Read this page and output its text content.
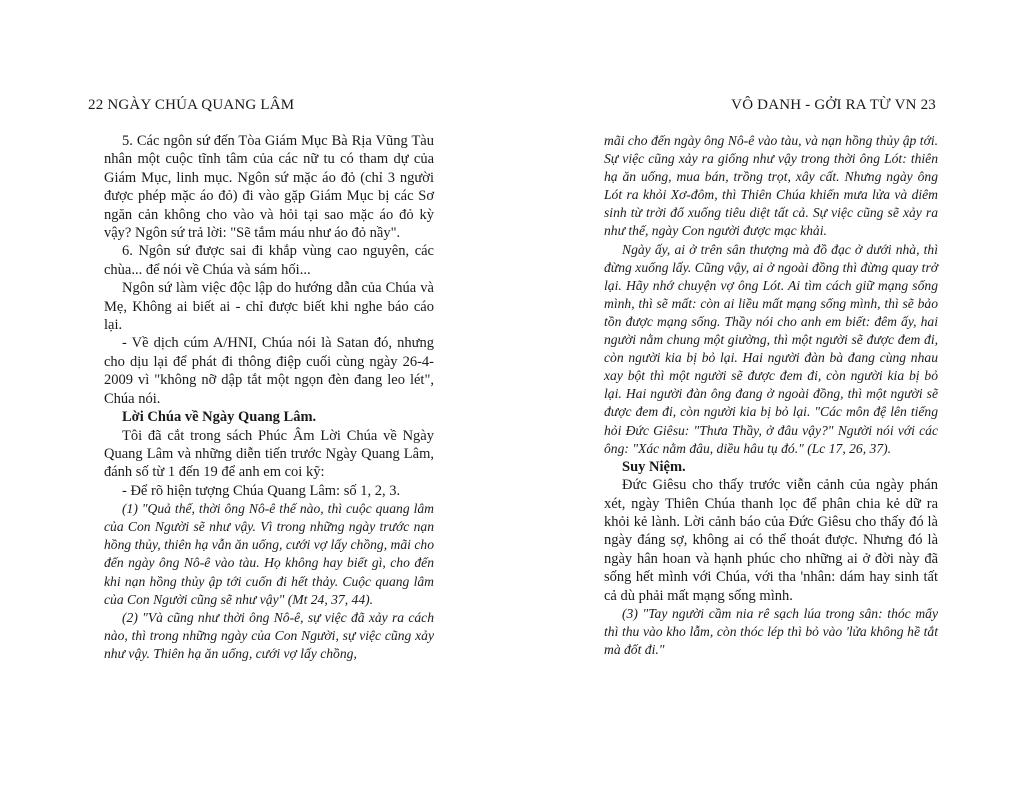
22 NGÀY CHÚA QUANG LÂM

5. Các ngôn sứ đến Tòa Giám Mục Bà Rịa Vũng Tàu nhân một cuộc tĩnh tâm của các nữ tu có tham dự của Giám Mục, linh mục. Ngôn sứ mặc áo đỏ (chỉ 3 người được phép mặc áo đỏ) đi vào gặp Giám Mục bị các Sơ ngăn cản không cho vào và hỏi tại sao mặc áo đỏ kỳ vậy? Ngôn sứ trả lời: "Sẽ tắm máu như áo đỏ nầy".

6. Ngôn sứ được sai đi khắp vùng cao nguyên, các chùa... để nói về Chúa và sám hối...

Ngôn sứ làm việc độc lập do hướng dẫn của Chúa và Mẹ, Không ai biết ai - chỉ được biết khi nghe báo cáo lại.

- Về dịch cúm A/HNI, Chúa nói là Satan đó, nhưng cho dịu lại để phát đi thông điệp cuối cùng ngày 26-4-2009 vì "không nỡ dập tắt một ngọn đèn đang leo lét", Chúa nói.

Lời Chúa về Ngày Quang Lâm.

Tôi đã cắt trong sách Phúc Âm Lời Chúa về Ngày Quang Lâm và những diễn tiến trước Ngày Quang Lâm, đánh số từ 1 đến 19 để anh em coi kỹ:

- Để rõ hiện tượng Chúa Quang Lâm: số 1, 2, 3.

(1) "Quả thế, thời ông Nô-ê thế nào, thì cuộc quang lâm của Con Người sẽ như vậy. Vì trong những ngày trước nạn hồng thủy, thiên hạ vẫn ăn uống, cưới vợ lấy chồng, mãi cho đến ngày ông Nô-ê vào tàu. Họ không hay biết gì, cho đến khi nạn hồng thủy ập tới cuốn đi hết thảy. Cuộc quang lâm của Con Người cũng sẽ như vậy" (Mt 24, 37, 44).

(2) "Và cũng như thời ông Nô-ê, sự việc đã xảy ra cách nào, thì trong những ngày của Con Người, sự việc cũng xảy như vậy. Thiên hạ ăn uống, cưới vợ lấy chồng,

VÔ DANH - GỞI RA TỪ VN 23

mãi cho đến ngày ông Nô-ê vào tàu, và nạn hồng thủy ập tới. Sự việc cũng xảy ra giống như vậy trong thời ông Lót: thiên hạ ăn uống, mua bán, trồng trọt, xây cất. Nhưng ngày ông Lót ra khỏi Xơ-đôm, thì Thiên Chúa khiến mưa lửa và diêm sinh từ trời đổ xuống tiêu diệt tất cả. Sự việc cũng sẽ xảy ra như thế, ngày Con người được mạc khải.

Ngày ấy, ai ở trên sân thượng mà đồ đạc ở dưới nhà, thì đừng xuống lấy. Cũng vậy, ai ở ngoài đồng thì đừng quay trở lại. Hãy nhớ chuyện vợ ông Lót. Ai tìm cách giữ mạng sống mình, thì sẽ mất: còn ai liều mất mạng sống mình, thì sẽ bảo tồn được mạng sống. Thầy nói cho anh em biết: đêm ấy, hai người nằm chung một giường, thì một người sẽ được đem đi, còn người kia bị bỏ lại. Hai người đàn bà đang cùng nhau xay bột thì một người sẽ được đem đi, còn người kia bị bỏ lại. Hai người đàn ông đang ở ngoài đồng, thì một người sẽ được đem đi, còn người kia bị bỏ lại. "Các môn đệ lên tiếng hỏi Đức Giêsu: "Thưa Thầy, ở đâu vậy?" Người nói với các ông: "Xác nằm đâu, diều hâu tụ đó." (Lc 17, 26, 37).

Suy Niệm.

Đức Giêsu cho thấy trước viễn cảnh của ngày phán xét, ngày Thiên Chúa thanh lọc để phân chia kẻ dữ ra khỏi kẻ lành. Lời cảnh báo của Đức Giêsu cho thấy đó là ngày đáng sợ, không ai có thể thoát được. Nhưng đó là ngày hân hoan và hạnh phúc cho những ai ở đời này đã sống hết mình với Chúa, với tha 'nhân: dám hay sinh tất cả dù phải mất mạng sống mình.

(3) "Tay người cầm nia rê sạch lúa trong sân: thóc mẩy thì thu vào kho lẫm, còn thóc lép thì bỏ vào 'lửa không hề tắt mà đốt đi."
